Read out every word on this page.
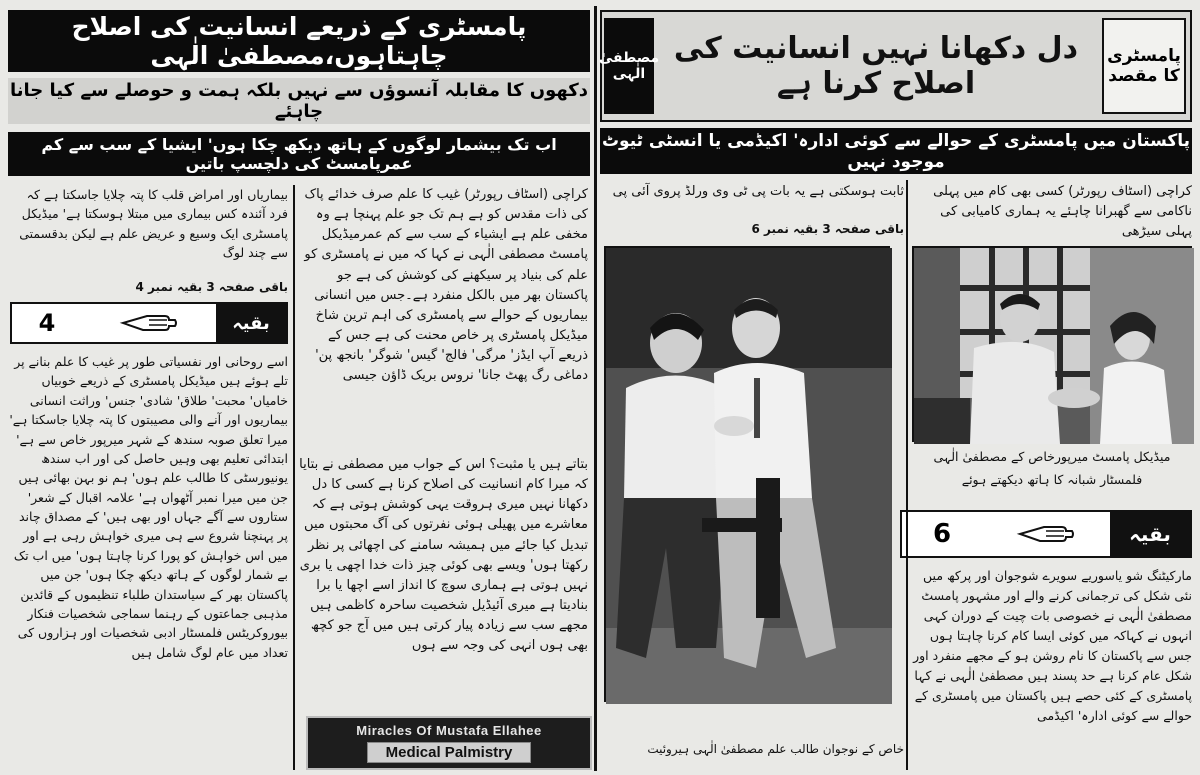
پامسٹری کے ذریعے انسانیت کی اصلاح چاہتاہوں،مصطفیٰ الٰہی
دکھوں کا مقابلہ آنسوؤں سے نہیں بلکہ ہمت و حوصلے سے کیا جانا چاہئے
اب تک بیشمار لوگوں کے ہاتھ دیکھ چکا ہوں' ایشیا کے سب سے کم عمرپامسٹ کی دلچسپ باتیں
کراچی (اسٹاف رپورٹر) غیب کا علم صرف خدائے پاک کی ذات مقدس کو ہے ہم تک جو علم پہنچا ہے وہ مخفی علم ہے ایشیاء کے سب سے کم عمرمیڈیکل پامسٹ مصطفی الٰہی نے کہا کہ میں نے پامسٹری کو علم کی بنیاد پر سیکھنے کی کوشش کی ہے جو پاکستان بھر میں بالکل منفرد ہے۔جس میں انسانی بیماریوں کے حوالے سے پامسٹری کی اہم ترین شاخ میڈیکل پامسٹری پر خاص محنت کی ہے جس کے ذریعے آپ ایڈز' مرگی' فالج' گیس' شوگر' بانجھ پن' دماغی رگ پھٹ جانا' نروس بریک ڈاؤن جیسی
بیماریاں اور امراض قلب کا پتہ چلایا جاسکتا ہے کہ فرد آئندہ کس بیماری میں مبتلا ہوسکتا ہے' میڈیکل پامسٹری ایک وسیع و عریض علم ہے لیکن بدقسمتی سے چند لوگ
باقی صفحہ 3 بقیہ نمبر 4
4	بقیہ
بتاتے ہیں یا مثبت؟ اس کے جواب میں مصطفی نے بتایا کہ میرا کام انسانیت کی اصلاح کرنا ہے کسی کا دل دکھانا نہیں میری ہروقت یہی کوشش ہوتی ہے کہ معاشرے میں پھیلی ہوئی نفرتوں کی آگ محبتوں میں تبدیل کیا جائے میں ہمیشہ سامنے کی اچھائی پر نظر رکھتا ہوں' ویسے بھی کوئی چیز ذات خدا اچھی یا بری نہیں ہوتی ہے ہماری سوچ کا انداز اسے اچھا یا برا بنادیتا ہے میری آئیڈیل شخصیت ساحرہ کاظمی ہیں مجھے سب سے زیادہ پیار کرتی ہیں میں آج جو کچھ بھی ہوں انہی کی وجہ سے ہوں
اسے روحانی اور نفسیاتی طور پر غیب کا علم بنانے پر تلے ہوئے ہیں میڈیکل پامسٹری کے ذریعے خوبیاں خامیاں' محبت' طلاق' شادی' جنس' وراثت انسانی بیماریوں اور آنے والی مصیبتوں کا پتہ چلایا جاسکتا ہے' میرا تعلق صوبہ سندھ کے شہر میرپور خاص سے ہے' ابتدائی تعلیم بھی وہیں حاصل کی اور اب سندھ یونیورسٹی کا طالب علم ہوں' ہم نو بہن بھائی ہیں جن میں میرا نمبر آٹھواں ہے' علامہ اقبال کے شعر' ستاروں سے آگے جہاں اور بھی ہیں' کے مصداق چاند پر پہنچنا شروع سے ہی میری خواہش رہی ہے اور میں اس خواہش کو پورا کرنا چاہتا ہوں' میں اب تک بے شمار لوگوں کے ہاتھ دیکھ چکا ہوں' جن میں پاکستان بھر کے سیاستدان طلباء تنظیموں کے قائدین مذہبی جماعتوں کے رہنما سماجی شخصیات فنکار بیوروکریٹس فلمسٹار ادبی شخصیات اور ہزاروں کی تعداد میں عام لوگ شامل ہیں
پامسٹری کا مقصد
دل دکھانا نہیں انسانیت کی اصلاح کرنا ہے
مصطفیٰ الٰہی
پاکستان میں پامسٹری کے حوالے سے کوئی ادارہ' اکیڈمی یا انسٹی ٹیوٹ موجود نہیں
کراچی (اسٹاف رپورٹر) کسی بھی کام میں پہلی ناکامی سے گھبرانا چاہئے یہ ہماری کامیابی کی پہلی سیڑھی
ثابت ہوسکتی ہے یہ بات پی ٹی وی ورلڈ پروی آئی پی
باقی صفحہ 3 بقیہ نمبر 6
میڈیکل پامسٹ میرپورخاص کے مصطفیٰ الٰہی فلمسٹار شبانہ کا ہاتھ دیکھتے ہوئے
6	بقیہ
مارکیٹنگ شو یاسوریے سویرے شوجوان اور پرکھ میں نئی شکل کی ترجمانی کرنے والے اور مشہور پامسٹ مصطفیٰ الٰہی نے خصوصی بات چیت کے دوران کہی انہوں نے کہاکہ میں کوئی ایسا کام کرنا چاہتا ہوں جس سے پاکستان کا نام روشن ہو کے مجھے منفرد اور شکل عام کرنا ہے حد پسند ہیں مصطفیٰ الٰہی نے کہا پامسٹری کے کئی حصے ہیں پاکستان میں پامسٹری کے حوالے سے کوئی ادارہ' اکیڈمی
خاص کے نوجوان طالب علم مصطفیٰ الٰہی ہیروئیت
Miracles Of Mustafa Ellahee
Medical Palmistry
